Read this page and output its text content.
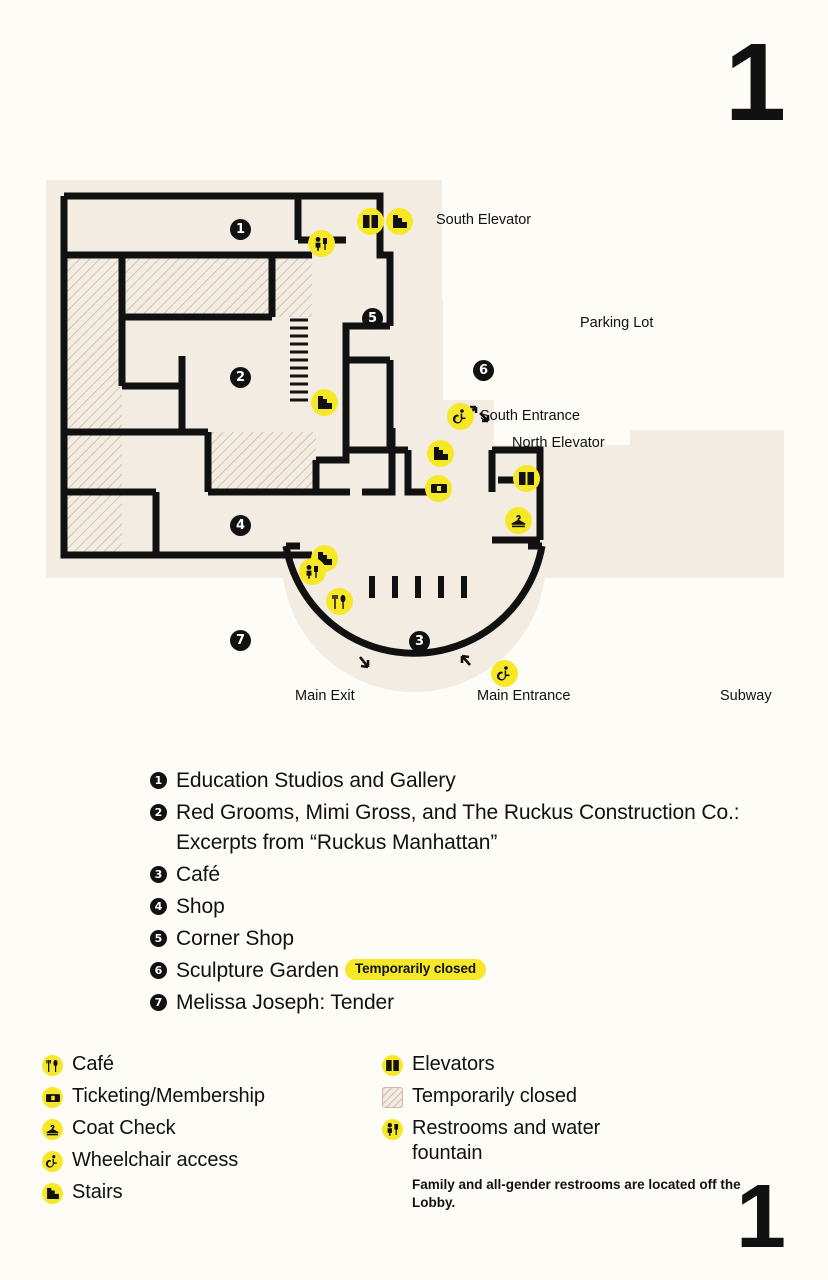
1
1
1
5
2	6
4
7	3
South Elevator
Parking Lot
South Entrance
North Elevator
Main Exit	Main Entrance	Subway
1 Education Studios and Gallery
2 Red Grooms, Mimi Gross, and The Ruckus Construction Co.: Excerpts from “Ruckus Manhattan”
3 Café
4 Shop
5 Corner Shop
6 Sculpture Garden Temporarily closed
7 Melissa Joseph: Tender
Café
Ticketing/Membership
Coat Check
Wheelchair access
Stairs
Elevators
Temporarily closed
Restrooms and water fountain
Family and all-gender restrooms are located off the Lobby.
